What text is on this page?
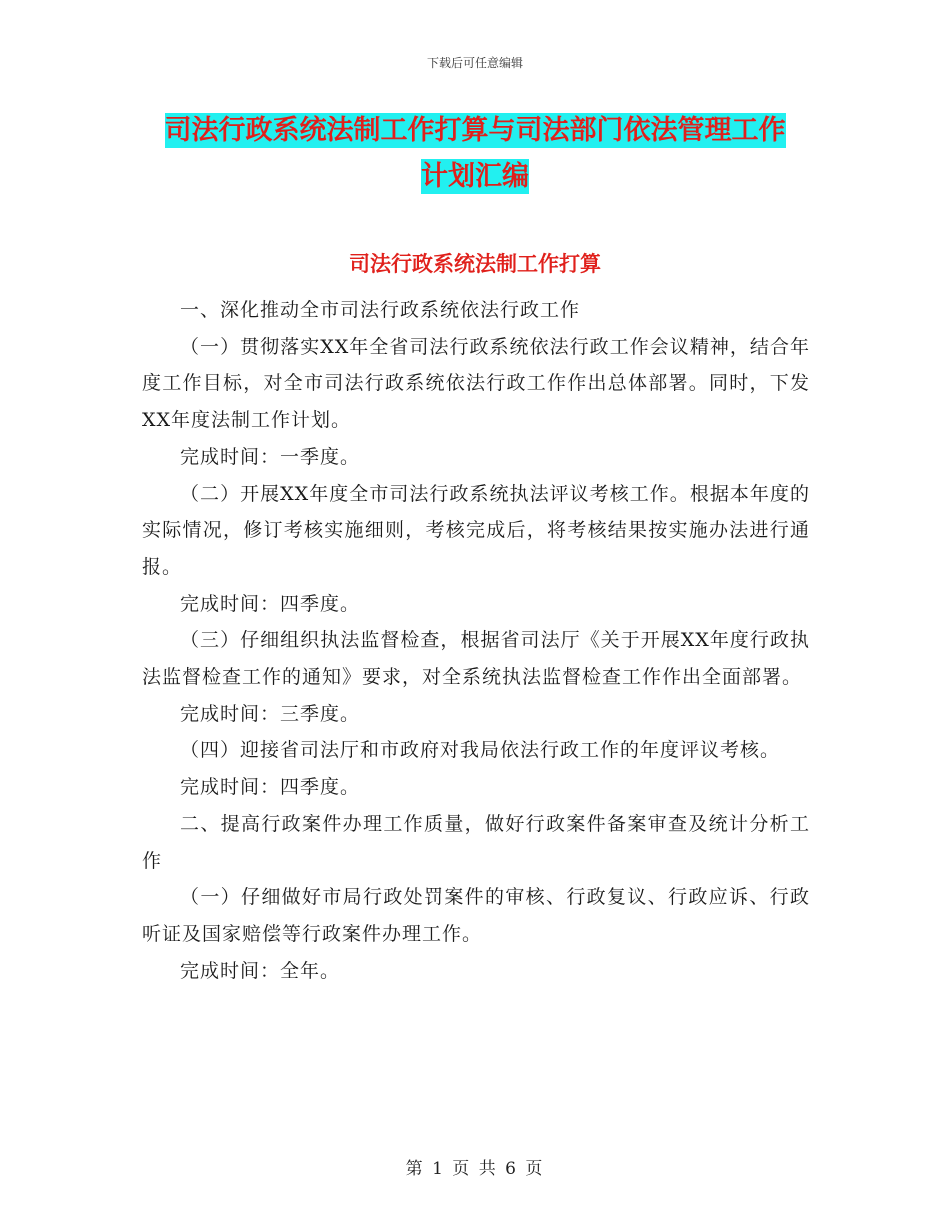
下载后可任意编辑
司法行政系统法制工作打算与司法部门依法管理工作
计划汇编
司法行政系统法制工作打算

一、深化推动全市司法行政系统依法行政工作

（一）贯彻落实XX年全省司法行政系统依法行政工作会议精神，结合年度工作目标，对全市司法行政系统依法行政工作作出总体部署。同时，下发XX年度法制工作计划。

完成时间：一季度。

（二）开展XX年度全市司法行政系统执法评议考核工作。根据本年度的实际情况，修订考核实施细则，考核完成后，将考核结果按实施办法进行通报。

完成时间：四季度。

（三）仔细组织执法监督检查，根据省司法厅《关于开展XX年度行政执法监督检查工作的通知》要求，对全系统执法监督检查工作作出全面部署。

完成时间：三季度。

（四）迎接省司法厅和市政府对我局依法行政工作的年度评议考核。

完成时间：四季度。

二、提高行政案件办理工作质量，做好行政案件备案审查及统计分析工作

（一）仔细做好市局行政处罚案件的审核、行政复议、行政应诉、行政听证及国家赔偿等行政案件办理工作。

完成时间：全年。

第 1 页 共 6 页
